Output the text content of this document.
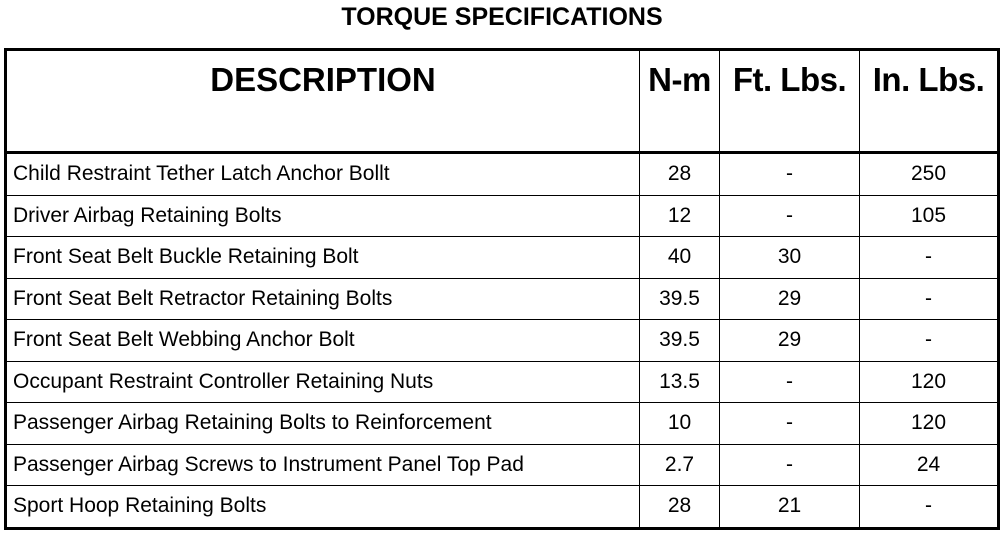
TORQUE SPECIFICATIONS
DESCRIPTION	N-m	Ft. Lbs.	In. Lbs.
Child Restraint Tether Latch Anchor Bollt	28	-	250
Driver Airbag Retaining Bolts	12	-	105
Front Seat Belt Buckle Retaining Bolt	40	30	-
Front Seat Belt Retractor Retaining Bolts	39.5	29	-
Front Seat Belt Webbing Anchor Bolt	39.5	29	-
Occupant Restraint Controller Retaining Nuts	13.5	-	120
Passenger Airbag Retaining Bolts to Reinforcement	10	-	120
Passenger Airbag Screws to Instrument Panel Top Pad	2.7	-	24
Sport Hoop Retaining Bolts	28	21	-
